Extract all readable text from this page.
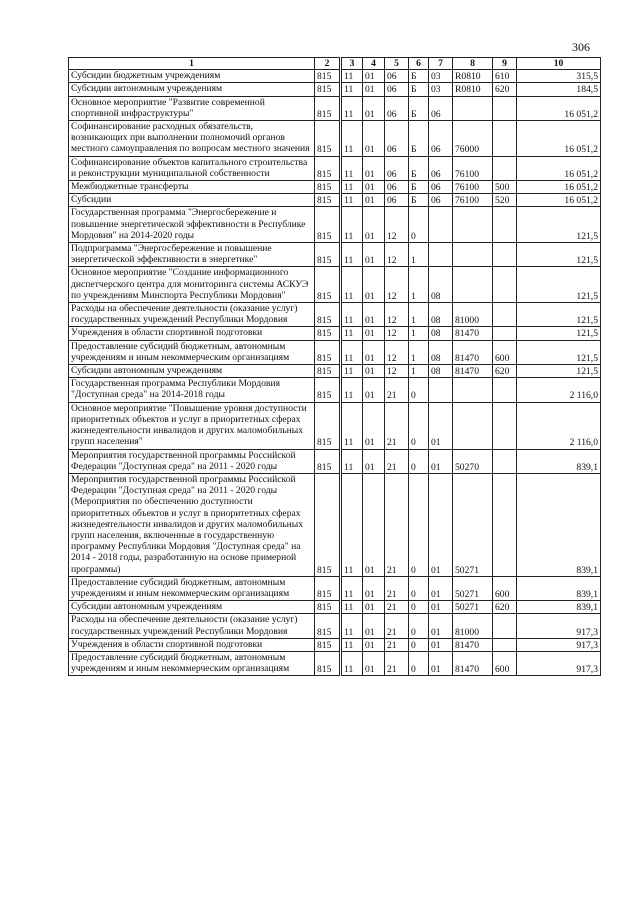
306
1	2	3	4	5	6	7	8	9	10
Субсидии бюджетным учреждениям	815	11	01	06	Б	03	R0810	610	315,5
Субсидии автономным учреждениям	815	11	01	06	Б	03	R0810	620	184,5
Основное мероприятие "Развитие современной спортивной инфраструктуры"	815	11	01	06	Б	06			16 051,2
Софинансирование расходных обязательств, возникающих при выполнении полномочий органов местного самоуправления по вопросам местного значения	815	11	01	06	Б	06	76000		16 051,2
Софинансирование объектов капитального строительства и реконструкции муниципальной собственности	815	11	01	06	Б	06	76100		16 051,2
Межбюджетные трансферты	815	11	01	06	Б	06	76100	500	16 051,2
Субсидии	815	11	01	06	Б	06	76100	520	16 051,2
Государственная программа "Энергосбережение и повышение энергетической эффективности в Республике Мордовия" на 2014-2020 годы	815	11	01	12	0				121,5
Подпрограмма "Энергосбережение и повышение энергетической эффективности в энергетике"	815	11	01	12	1				121,5
Основное мероприятие "Создание информационного диспетчерского центра для мониторинга системы АСКУЭ по учреждениям Минспорта Республики Мордовия"	815	11	01	12	1	08			121,5
Расходы на обеспечение деятельности (оказание услуг) государственных учреждений Республики Мордовия	815	11	01	12	1	08	81000		121,5
Учреждения в области спортивной подготовки	815	11	01	12	1	08	81470		121,5
Предоставление субсидий бюджетным, автономным учреждениям и иным некоммерческим организациям	815	11	01	12	1	08	81470	600	121,5
Субсидии автономным учреждениям	815	11	01	12	1	08	81470	620	121,5
Государственная программа Республики Мордовия "Доступная среда" на 2014-2018 годы	815	11	01	21	0				2 116,0
Основное мероприятие "Повышение уровня доступности приоритетных объектов и услуг в приоритетных сферах жизнедеятельности инвалидов и других маломобильных групп населения"	815	11	01	21	0	01			2 116,0
Мероприятия государственной программы Российской Федерации "Доступная среда" на 2011 - 2020 годы	815	11	01	21	0	01	50270		839,1
Мероприятия государственной программы Российской Федерации "Доступная среда" на 2011 - 2020 годы (Мероприятия по обеспечению доступности приоритетных объектов и услуг в приоритетных сферах жизнедеятельности инвалидов и других маломобильных групп населения, включенные в государственную программу Республики Мордовия "Доступная среда" на 2014 - 2018 годы, разработанную на основе примерной программы)	815	11	01	21	0	01	50271		839,1
Предоставление субсидий бюджетным, автономным учреждениям и иным некоммерческим организациям	815	11	01	21	0	01	50271	600	839,1
Субсидии автономным учреждениям	815	11	01	21	0	01	50271	620	839,1
Расходы на обеспечение деятельности (оказание услуг) государственных учреждений Республики Мордовия	815	11	01	21	0	01	81000		917,3
Учреждения в области спортивной подготовки	815	11	01	21	0	01	81470		917,3
Предоставление субсидий бюджетным, автономным учреждениям и иным некоммерческим организациям	815	11	01	21	0	01	81470	600	917,3
